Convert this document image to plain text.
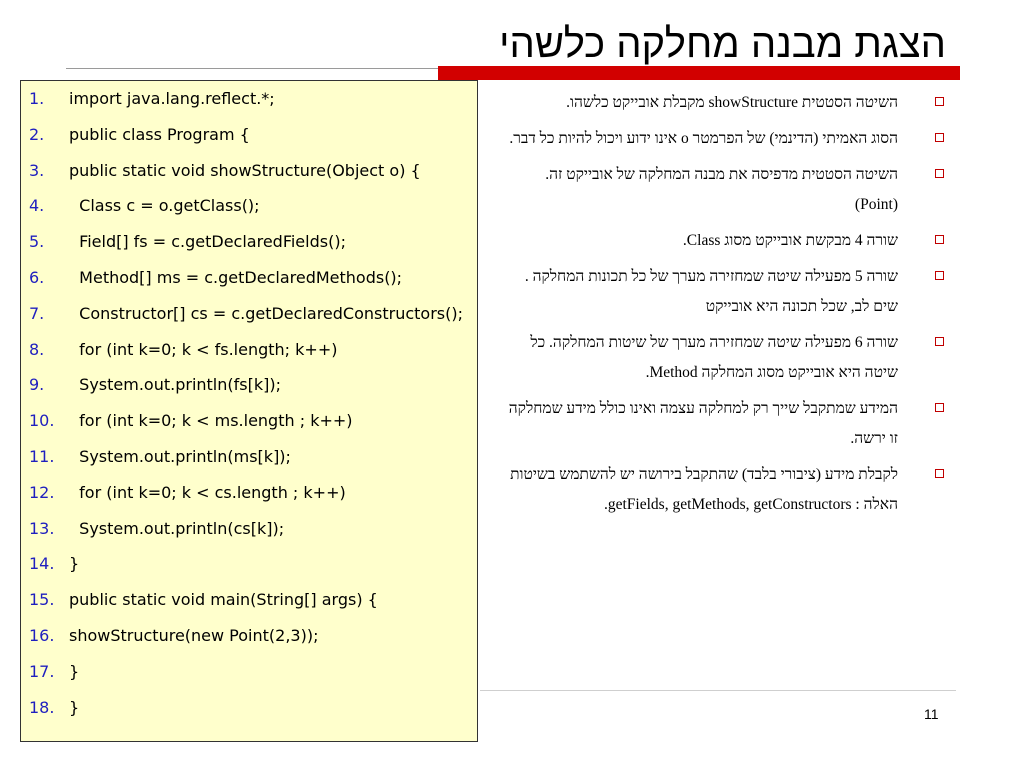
הצגת מבנה מחלקה כלשהי
1. import java.lang.reflect.*;
2. public class Program {
3. public static void showStructure(Object o) {
4. Class c = o.getClass();
5. Field[] fs = c.getDeclaredFields();
6. Method[] ms = c.getDeclaredMethods();
7. Constructor[] cs = c.getDeclaredConstructors();
8. for (int k=0; k < fs.length; k++)
9. System.out.println(fs[k]);
10. for (int k=0; k < ms.length ; k++)
11. System.out.println(ms[k]);
12. for (int k=0; k < cs.length ; k++)
13. System.out.println(cs[k]);
14. }
15. public static void main(String[] args) {
16. showStructure(new Point(2,3));
17. }
18. }
השיטה הסטטית showStructure מקבלת אובייקט כלשהו.
הסוג האמיתי (הדינמי) של הפרמטר o אינו ידוע ויכול להיות כל דבר.
השיטה הסטטית מדפיסה את מבנה המחלקה של אובייקט זה. (Point)
שורה 4 מבקשת אובייקט מסוג Class.
שורה 5 מפעילה שיטה שמחזירה מערך של כל תכונות המחלקה . שים לב, שכל תכונה היא אובייקט
שורה 6 מפעילה שיטה שמחזירה מערך של שיטות המחלקה. כל שיטה היא אובייקט מסוג המחלקה Method.
המידע שמתקבל שייך רק למחלקה עצמה ואינו כולל מידע שמחלקה זו ירשה.
לקבלת מידע (ציבורי בלבד) שהתקבל בירושה יש להשתמש בשיטות האלה : getFields, getMethods, getConstructors.
11
